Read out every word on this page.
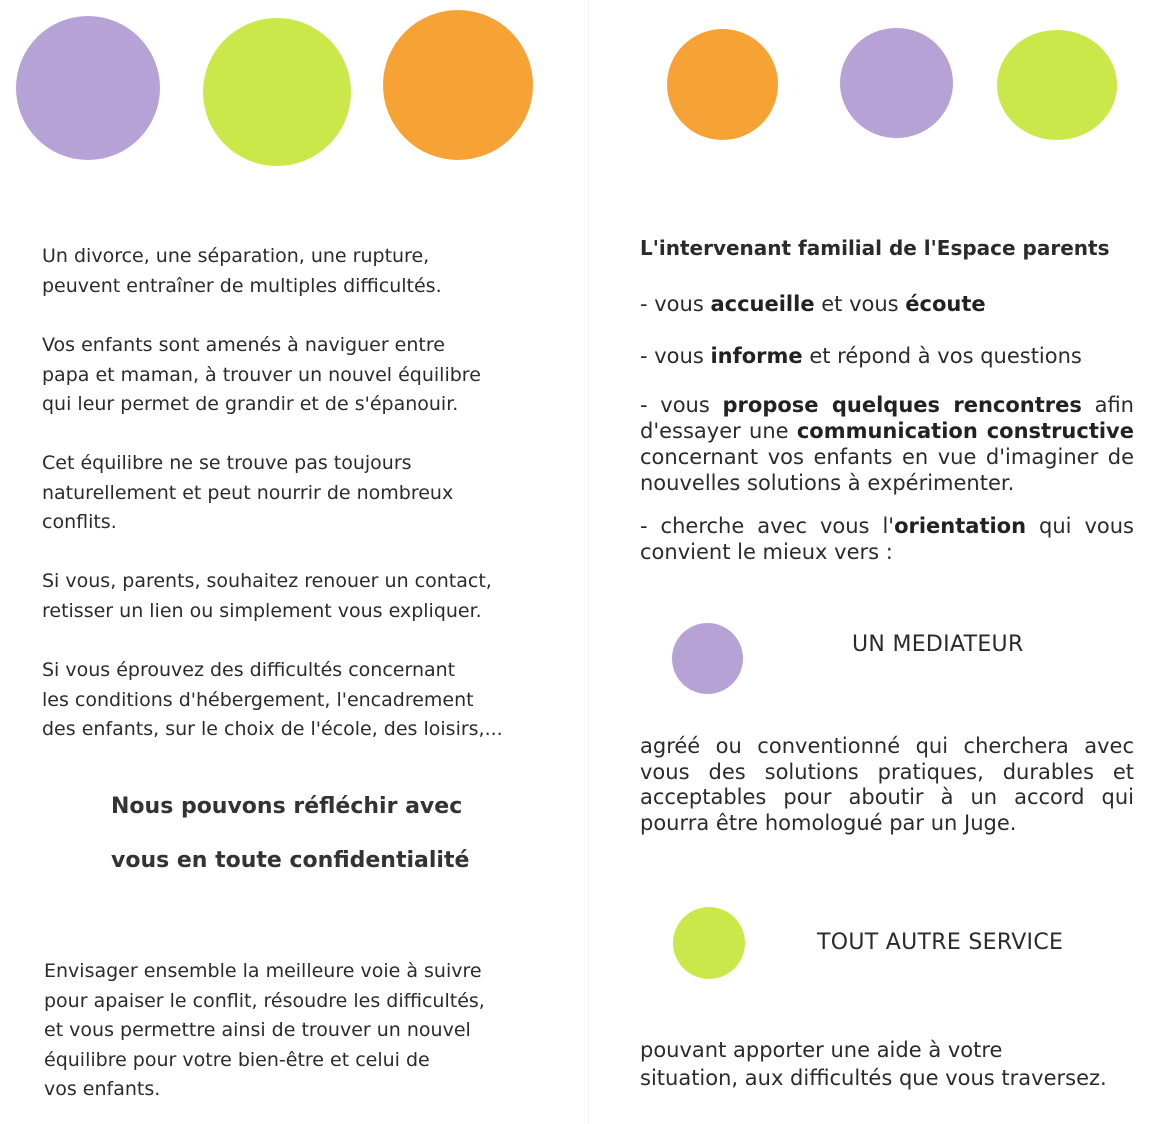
Un divorce, une séparation, une rupture,
peuvent entraîner de multiples difficultés.

Vos enfants sont amenés à naviguer entre
papa et maman, à trouver un nouvel équilibre
qui leur permet de grandir et de s'épanouir.

Cet équilibre ne se trouve pas toujours
naturellement et peut nourrir de nombreux
conflits.

Si vous, parents, souhaitez renouer un contact,
retisser un lien ou simplement vous expliquer.

Si vous éprouvez des difficultés concernant
les conditions d'hébergement, l'encadrement
des enfants, sur le choix de l'école, des loisirs,...

Nous pouvons réfléchir avec

vous en toute confidentialité

Envisager ensemble la meilleure voie à suivre
pour apaiser le conflit, résoudre les difficultés,
et vous permettre ainsi de trouver un nouvel
équilibre pour votre bien-être et celui de
vos enfants.

L'intervenant familial de l'Espace parents

- vous accueille et vous écoute

- vous informe et répond à vos questions

- vous propose quelques rencontres afin d'essayer une communication constructive concernant vos enfants en vue d'imaginer de nouvelles solutions à expérimenter.

- cherche avec vous l'orientation qui vous convient le mieux vers :

UN MEDIATEUR

agréé ou conventionné qui cherchera avec vous des solutions pratiques, durables et acceptables pour aboutir à un accord qui pourra être homologué par un Juge.

TOUT AUTRE SERVICE

pouvant apporter une aide à votre
situation, aux difficultés que vous traversez.
